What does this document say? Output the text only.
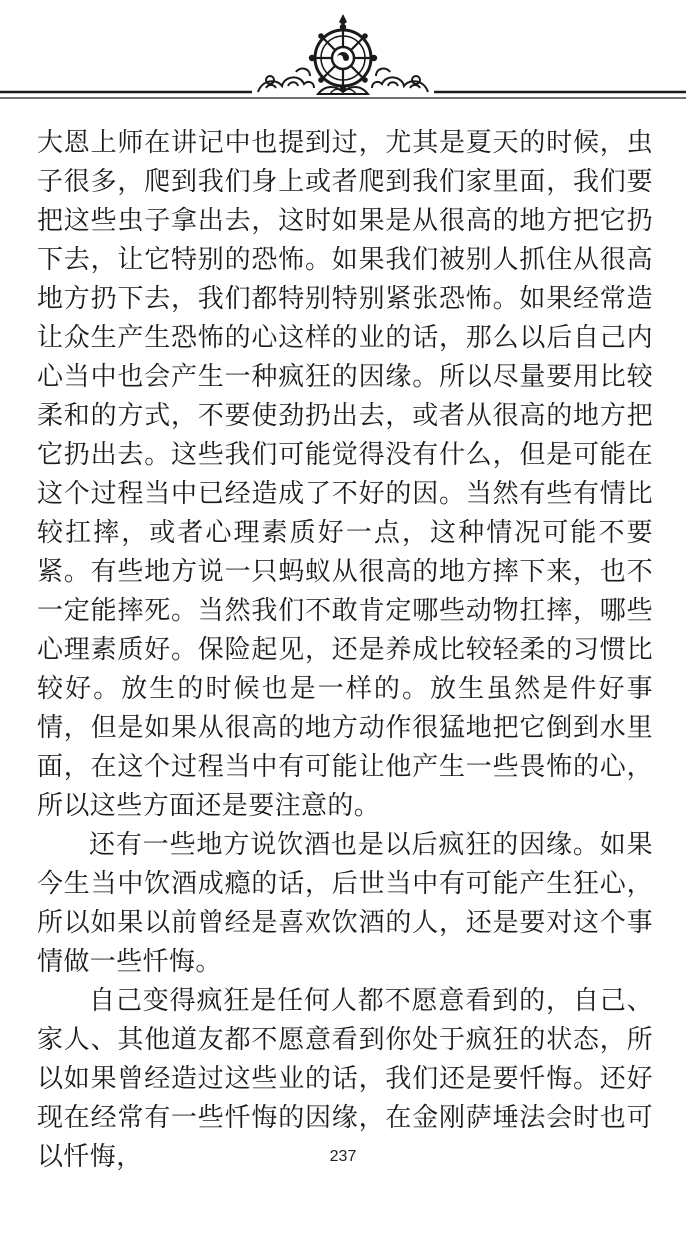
大恩上师在讲记中也提到过，尤其是夏天的时候，虫子很多，爬到我们身上或者爬到我们家里面，我们要把这些虫子拿出去，这时如果是从很高的地方把它扔下去，让它特别的恐怖。如果我们被别人抓住从很高地方扔下去，我们都特别特别紧张恐怖。如果经常造让众生产生恐怖的心这样的业的话，那么以后自己内心当中也会产生一种疯狂的因缘。所以尽量要用比较柔和的方式，不要使劲扔出去，或者从很高的地方把它扔出去。这些我们可能觉得没有什么，但是可能在这个过程当中已经造成了不好的因。当然有些有情比较扛摔，或者心理素质好一点，这种情况可能不要紧。有些地方说一只蚂蚁从很高的地方摔下来，也不一定能摔死。当然我们不敢肯定哪些动物扛摔，哪些心理素质好。保险起见，还是养成比较轻柔的习惯比较好。放生的时候也是一样的。放生虽然是件好事情，但是如果从很高的地方动作很猛地把它倒到水里面，在这个过程当中有可能让他产生一些畏怖的心，所以这些方面还是要注意的。

还有一些地方说饮酒也是以后疯狂的因缘。如果今生当中饮酒成瘾的话，后世当中有可能产生狂心，所以如果以前曾经是喜欢饮酒的人，还是要对这个事情做一些忏悔。

自己变得疯狂是任何人都不愿意看到的，自己、家人、其他道友都不愿意看到你处于疯狂的状态，所以如果曾经造过这些业的话，我们还是要忏悔。还好现在经常有一些忏悔的因缘，在金刚萨埵法会时也可以忏悔，	237
